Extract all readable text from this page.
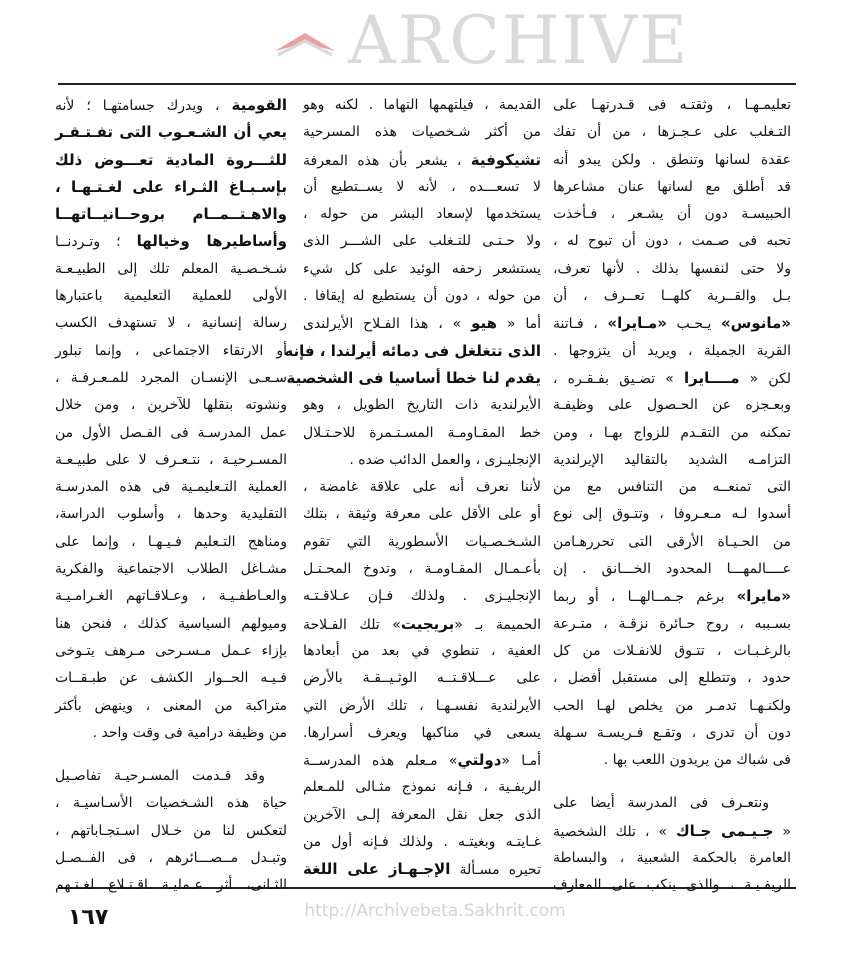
ARCHIVE
تعليمـهـا ، وثقتـه فى قـدرتهـا على
التـغلب على عـجـزها ، من أن تفك
عقدة لسانها وتنطق . ولكن يبدو أنه
قد أطلق مع لسانها عنان مشاعرها
الحبيسـة دون أن يشـعر ، فـأخذت
تحبه فى صـمت ، دون أن تبوح له ،
ولا حتى لنفسها بذلك . لأنها تعرف،
بـل والقــرية كلهــا تعــرف ، أن
«مانوس» يـحـب «مـايرا» ، فـاتنة
القرية الجميلة ، ويريد أن يتزوجها .
لكن « مــــايرا » تضـيق بفـقـره ،
وبعـجزه عن الحـصول على وظيفـة
تمكنه من التقـدم للزواج بهـا ، ومن
التزامـه الشديد بالتقاليد الإيرلندية
التى تمنعــه من التنافس مع من
أسدوا لـه مـعـروفا ، وتتـوق إلى نوع
من الحـيـاة الأرقى التى تحررهـامن
عــــالمهـــا المحدود الخـــانق . إن
«مايرا» برغم جـمــالهــا ، أو ربما
بسـببه ، روح حـائرة نزقـة ، متـرعة
بالرغـبـات ، تتـوق للانفـلات من كل
حدود ، وتتطلع إلى مستقبل أفضل ،
ولكنـهـا تدمـر من يخلص لهـا الحب
دون أن تدرى ، وتقـع فـريسـة سـهلة
فى شباك من يريدون اللعب بها .
ونتعـرف فى المدرسة أيضا على
« جـيـمى جـاك » ، تلك الشخصية
العامرة بالحكمة الشعبية ، والبساطة
الريفـيـة ، والذى ينكب على المعارف
القديمة ، فيلتهمها التهاما . لكنه وهو
من أكثر شـخصيات هذه المسرحية
تشيكوفية ، يشعر بأن هذه المعرفة
لا تسعـــده ، لأنه لا يســتطيع أن
يستخدمها لإسعاد البشر من حوله ،
ولا حـتـى للتـغلب على الشـــر الذى
يستشعر زحفه الوئيد على كل شيء
من حوله ، دون أن يستطيع له إيقافا .
أما « هيو » ، هذا الفـلاح الأيرلندى
الذى تتغلغل فى دمائه أيرلندا ، فإنه
يقدم لنا خطا أساسيا فى الشخصية
الأيرلندية ذات التاريخ الطويل ، وهو
خط المقـاومـة المسـتـمرة للاحـتـلال
الإنجليـزى ، والعمل الدائب ضده .
لأننا نعرف أنه على علاقة غامضة ،
أو على الأقل على معرفة وثيقة ، بتلك
الشـخـصـيات الأسطورية التي تقوم
بأعـمـال المقـاومـة ، وتدوخ المحـتـل
الإنجليـزى . ولذلك فـإن عـلاقـتـه
الحميمة بـ «بريجيت» تلك الفـلاحة
العفية ، تنطوي في بعد من أبعادها
على عـــلاقـتــه الوثـيــقـة بالأرض
الأيرلندية نفسـهـا ، تلك الأرض التي
يسعى في مناكبها ويعرف أسرارها.
أمـا «دولتي» مـعلم هذه المدرســة
الريفـية ، فـإنه نموذج مثـالى للمـعلم
الذى جعل نقل المعرفة إلـى الآخرين
غـايتـه وبغيتـه . ولذلك فـإنه أول من
تحيره مسـألة الإجـهـاز على اللغة
القومية ، ويدرك جسامتهـا ؛ لأنه
يعي أن الشـعـوب التى تفـتـقـر
للثـــروة المادية تعـــوض ذلك
بإسـبـاغ الثـراء على لغـتـهـا ،
والاهـتــمــام بروحــانيــاتهــا
وأساطيرها وخيالها ؛ وتـردنــا
شـخـصـية المعلم تلك إلى الطبيـعـة
الأولى للعملية التعليمية باعتبارها
رسالة إنسانية ، لا تستهدف الكسب
أو الارتقاء الاجتماعى ، وإنما تبلور
سـعـى الإنسـان المجرد للمـعـرفـة ،
ونشوته بنقلها للآخرين ، ومن خلال
عمل المدرسـة فى الفـصل الأول من
المسـرحيـة ، نتـعـرف لا على طبيـعـة
العملية التـعليمـية فى هذه المدرسـة
التقليدية وحدها ، وأسلوب الدراسة،
ومناهج التـعليم فـيـهـا ، وإنما على
مشـاغل الطلاب الاجتماعية والفكرية
والعـاطفـيـة ، وعـلاقـاتهم الغـرامـيـة
وميولهم السياسية كذلك ، فنحن هنا
بإزاء عـمل مـسـرحى مـرهف يتـوخى
فـيـه الحــوار الكشف عن طبـقــات
متراكبة من المعنى ، وينهض بأكثر
من وظيفة درامية فى وقت واحد .
وقد قـدمت المسـرحيـة تفاصـيل
حياة هذه الشـخصيات الأسـاسيـة ،
لتعكس لنا من خـلال اسـتجـاباتهم ،
وتبـدل مــصـــائرهم ، فى الفــصـل
الثـانى، أثر عـمليـة اقـتـلاع لغـتـهم
http://Archivebeta.Sakhrit.com
١٦٧
